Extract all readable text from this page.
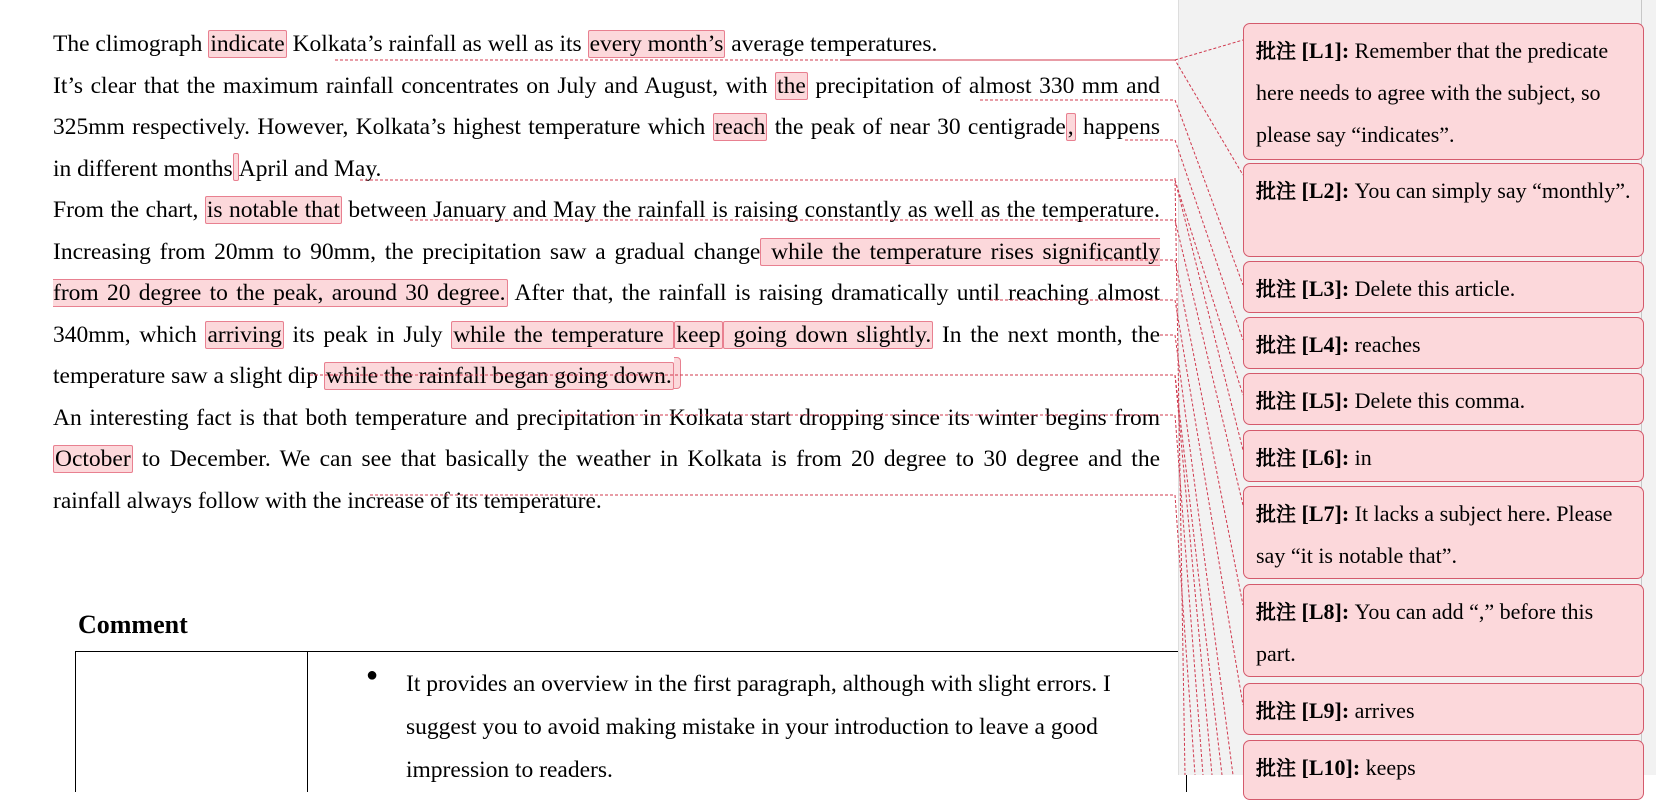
The climograph indicate Kolkata’s rainfall as well as its every month’s average temperatures.

It’s clear that the maximum rainfall concentrates on July and August, with the precipitation of almost 330 mm and 325mm respectively. However, Kolkata’s highest temperature which reach the peak of near 30 centigrade, happens in different months April and May.

From the chart, is notable that between January and May the rainfall is raising constantly as well as the temperature. Increasing from 20mm to 90mm, the precipitation saw a gradual change while the temperature rises significantly from 20 degree to the peak, around 30 degree. After that, the rainfall is raising dramatically until reaching almost 340mm, which arriving its peak in July while the temperature keep going down slightly. In the next month, the temperature saw a slight dip while the rainfall began going down.

An interesting fact is that both temperature and precipitation in Kolkata start dropping since its winter begins from October to December. We can see that basically the weather in Kolkata is from 20 degree to 30 degree and the rainfall always follow with the increase of its temperature.

Comment
● It provides an overview in the first paragraph, although with slight errors. I suggest you to avoid making mistake in your introduction to leave a good impression to readers.
批注 [L1]: Remember that the predicate here needs to agree with the subject, so please say “indicates”.
批注 [L2]: You can simply say “monthly”.
批注 [L3]: Delete this article.
批注 [L4]: reaches
批注 [L5]: Delete this comma.
批注 [L6]: in
批注 [L7]: It lacks a subject here. Please say “it is notable that”.
批注 [L8]: You can add “,” before this part.
批注 [L9]: arrives
批注 [L10]: keeps
